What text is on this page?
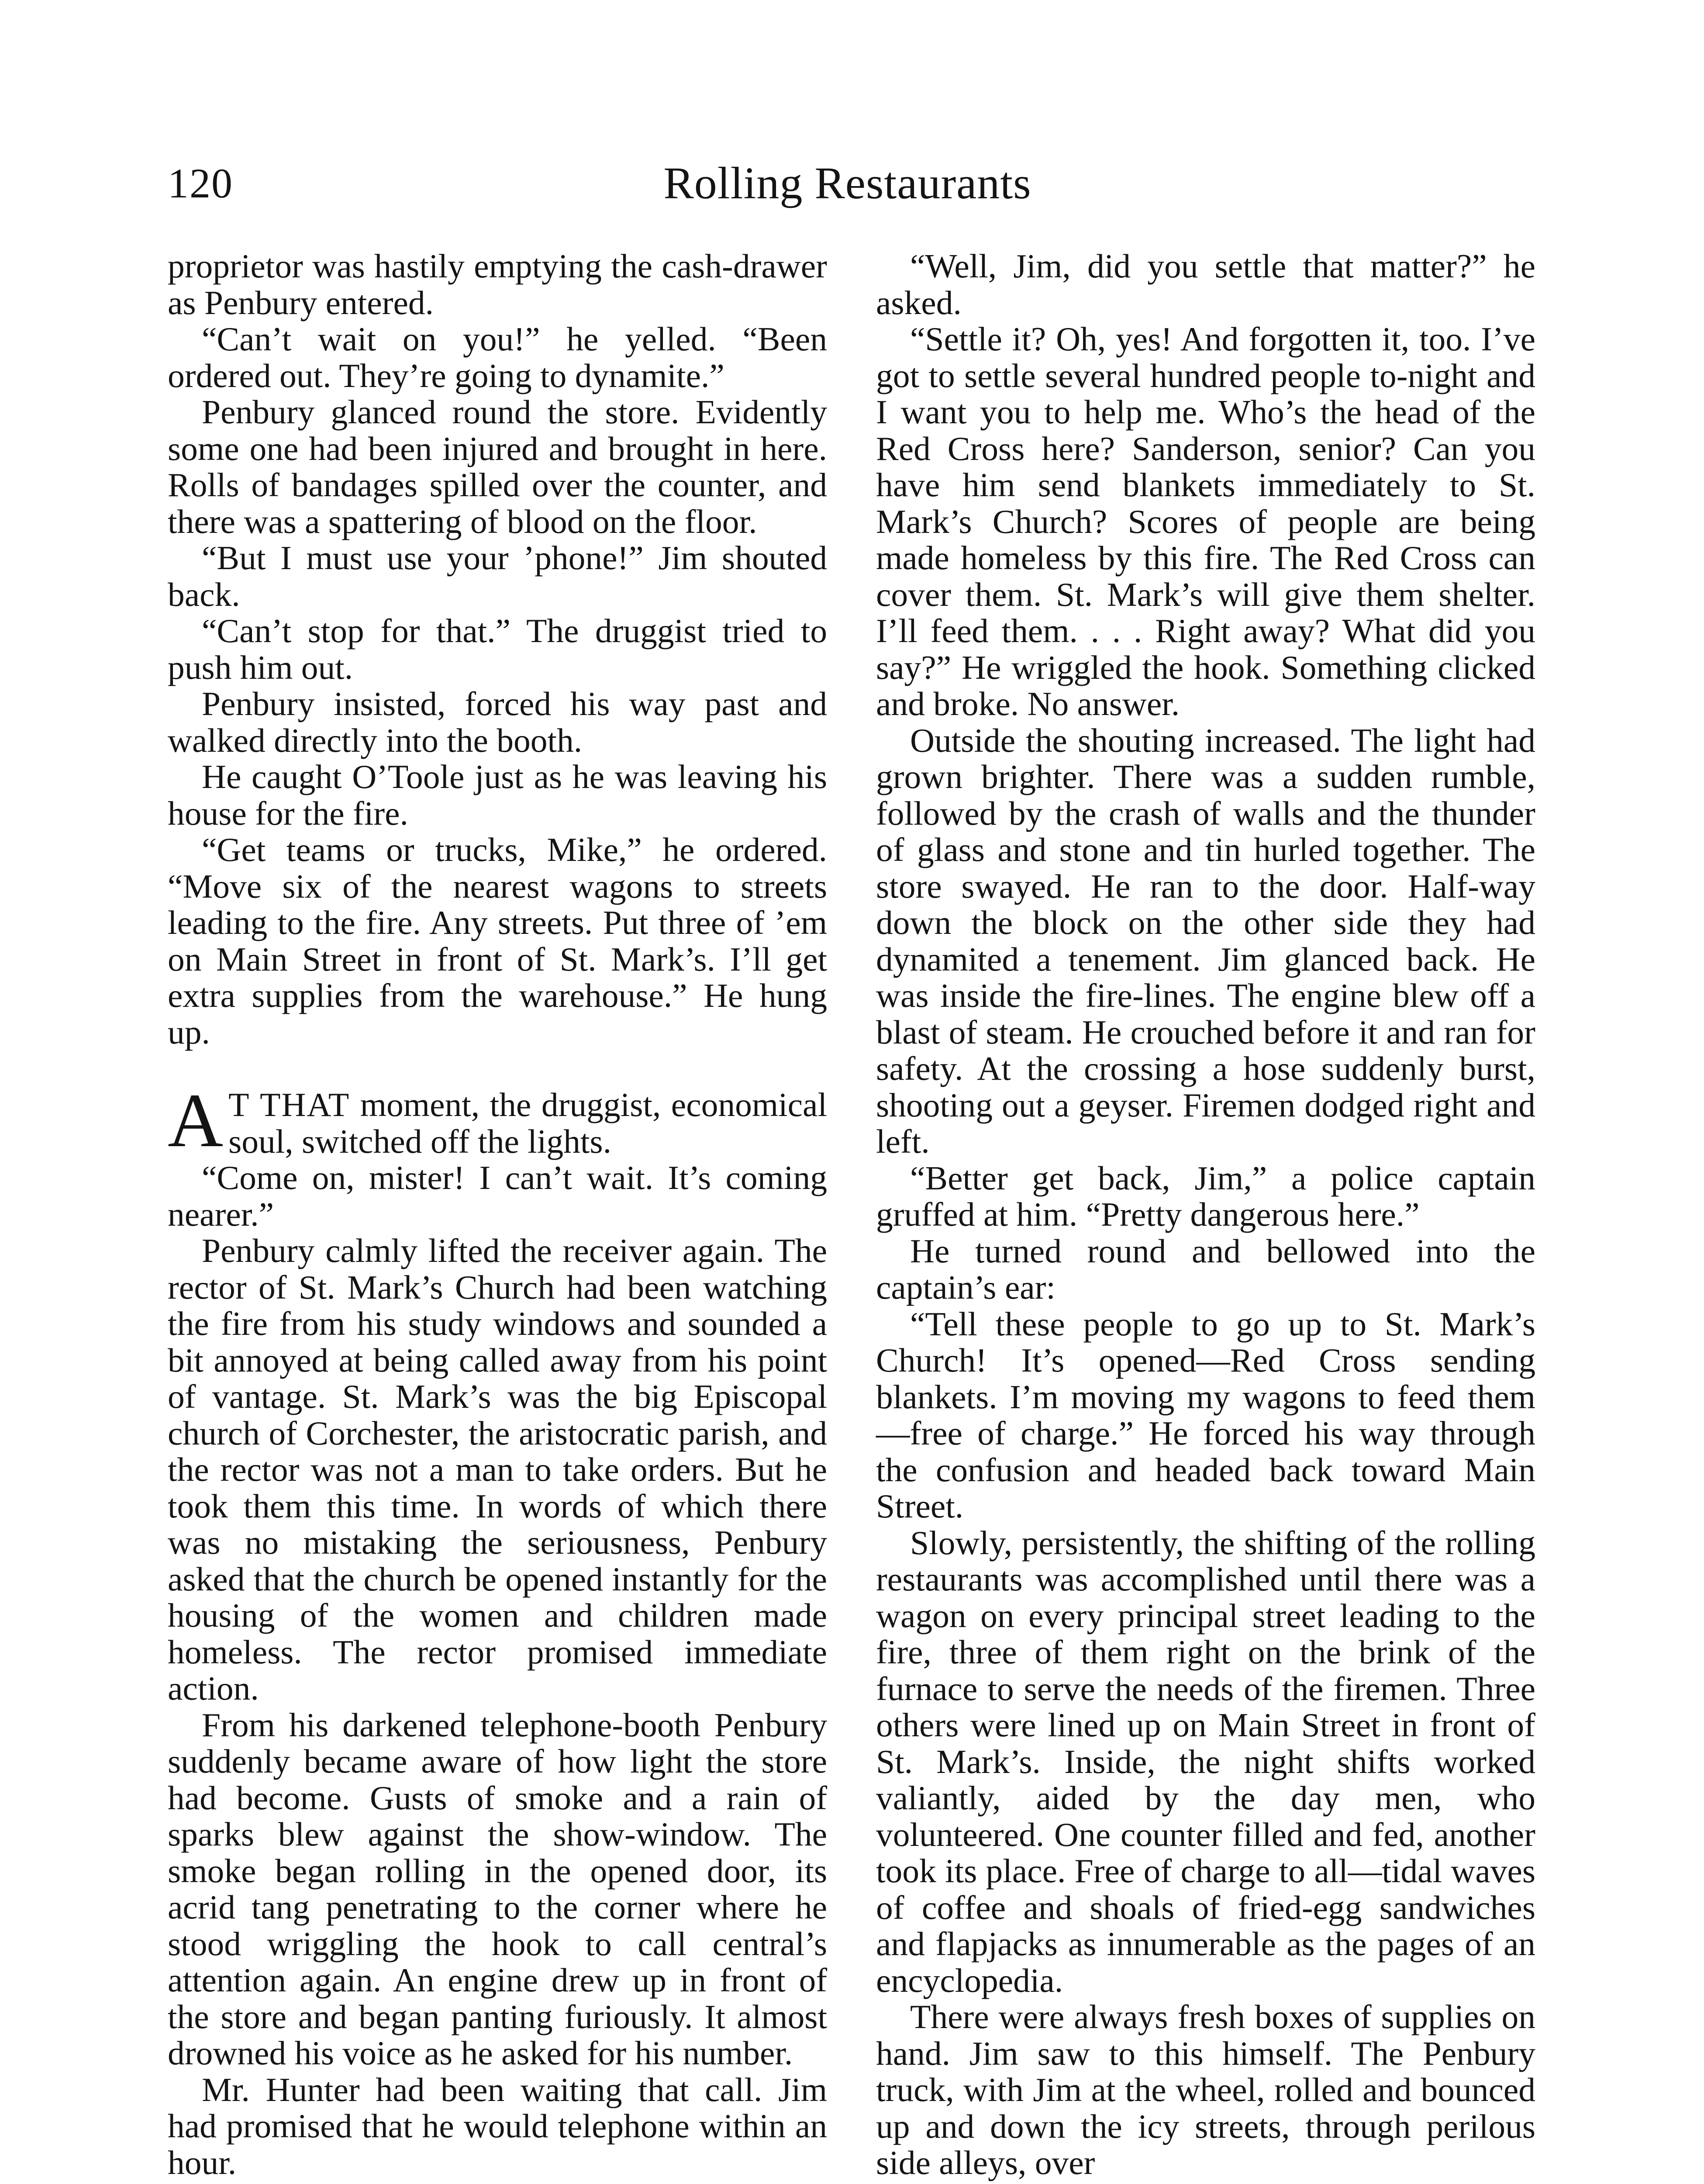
120	Rolling Restaurants

proprietor was hastily emptying the cash-drawer as Penbury entered.

“Can’t wait on you!” he yelled. “Been ordered out. They’re going to dynamite.”

Penbury glanced round the store. Evidently some one had been injured and brought in here. Rolls of bandages spilled over the counter, and there was a spattering of blood on the floor.

“But I must use your ’phone!” Jim shouted back.

“Can’t stop for that.” The druggist tried to push him out.

Penbury insisted, forced his way past and walked directly into the booth.

He caught O’Toole just as he was leaving his house for the fire.

“Get teams or trucks, Mike,” he ordered. “Move six of the nearest wagons to streets leading to the fire. Any streets. Put three of ’em on Main Street in front of St. Mark’s. I’ll get extra supplies from the warehouse.” He hung up.

A T THAT moment, the druggist, economical soul, switched off the lights.

“Come on, mister! I can’t wait. It’s coming nearer.”

Penbury calmly lifted the receiver again. The rector of St. Mark’s Church had been watching the fire from his study windows and sounded a bit annoyed at being called away from his point of vantage. St. Mark’s was the big Episcopal church of Corchester, the aristocratic parish, and the rector was not a man to take orders. But he took them this time. In words of which there was no mistaking the seriousness, Penbury asked that the church be opened instantly for the housing of the women and children made homeless. The rector promised immediate action.

From his darkened telephone-booth Penbury suddenly became aware of how light the store had become. Gusts of smoke and a rain of sparks blew against the show-window. The smoke began rolling in the opened door, its acrid tang penetrating to the corner where he stood wriggling the hook to call central’s attention again. An engine drew up in front of the store and began panting furiously. It almost drowned his voice as he asked for his number.

Mr. Hunter had been waiting that call. Jim had promised that he would telephone within an hour.

“Well, Jim, did you settle that matter?” he asked.

“Settle it? Oh, yes! And forgotten it, too. I’ve got to settle several hundred people to-night and I want you to help me. Who’s the head of the Red Cross here? Sanderson, senior? Can you have him send blankets immediately to St. Mark’s Church? Scores of people are being made homeless by this fire. The Red Cross can cover them. St. Mark’s will give them shelter. I’ll feed them. . . . Right away? What did you say?” He wriggled the hook. Something clicked and broke. No answer.

Outside the shouting increased. The light had grown brighter. There was a sudden rumble, followed by the crash of walls and the thunder of glass and stone and tin hurled together. The store swayed. He ran to the door. Half-way down the block on the other side they had dynamited a tenement. Jim glanced back. He was inside the fire-lines. The engine blew off a blast of steam. He crouched before it and ran for safety. At the crossing a hose suddenly burst, shooting out a geyser. Firemen dodged right and left.

“Better get back, Jim,” a police captain gruffed at him. “Pretty dangerous here.”

He turned round and bellowed into the captain’s ear:

“Tell these people to go up to St. Mark’s Church! It’s opened—Red Cross sending blankets. I’m moving my wagons to feed them—free of charge.” He forced his way through the confusion and headed back toward Main Street.

Slowly, persistently, the shifting of the rolling restaurants was accomplished until there was a wagon on every principal street leading to the fire, three of them right on the brink of the furnace to serve the needs of the firemen. Three others were lined up on Main Street in front of St. Mark’s. Inside, the night shifts worked valiantly, aided by the day men, who volunteered. One counter filled and fed, another took its place. Free of charge to all—tidal waves of coffee and shoals of fried-egg sandwiches and flapjacks as innumerable as the pages of an encyclopedia.

There were always fresh boxes of supplies on hand. Jim saw to this himself. The Penbury truck, with Jim at the wheel, rolled and bounced up and down the icy streets, through perilous side alleys, over
